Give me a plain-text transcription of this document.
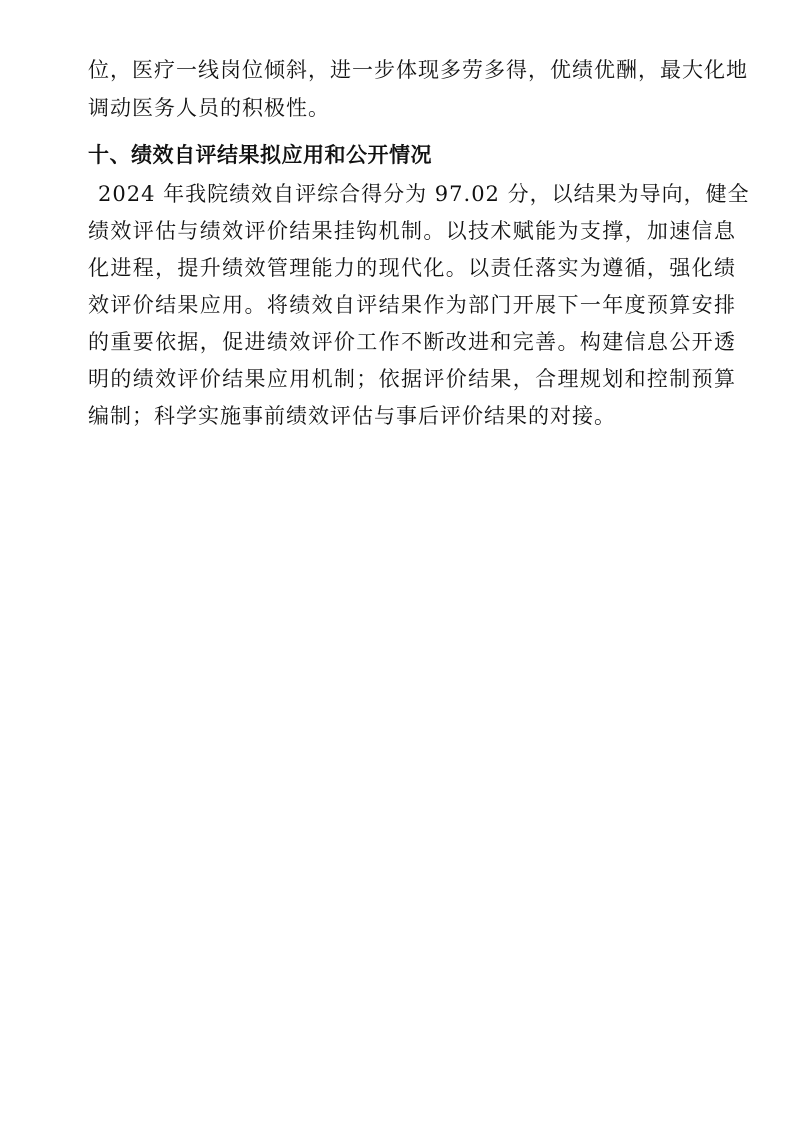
位，医疗一线岗位倾斜，进一步体现多劳多得，优绩优酬，最大化地
调动医务人员的积极性。
十、绩效自评结果拟应用和公开情况
2024 年我院绩效自评综合得分为 97.02 分，以结果为导向，健全
绩效评估与绩效评价结果挂钩机制。以技术赋能为支撑，加速信息
化进程，提升绩效管理能力的现代化。以责任落实为遵循，强化绩
效评价结果应用。将绩效自评结果作为部门开展下一年度预算安排
的重要依据，促进绩效评价工作不断改进和完善。构建信息公开透
明的绩效评价结果应用机制；依据评价结果，合理规划和控制预算
编制；科学实施事前绩效评估与事后评价结果的对接。
